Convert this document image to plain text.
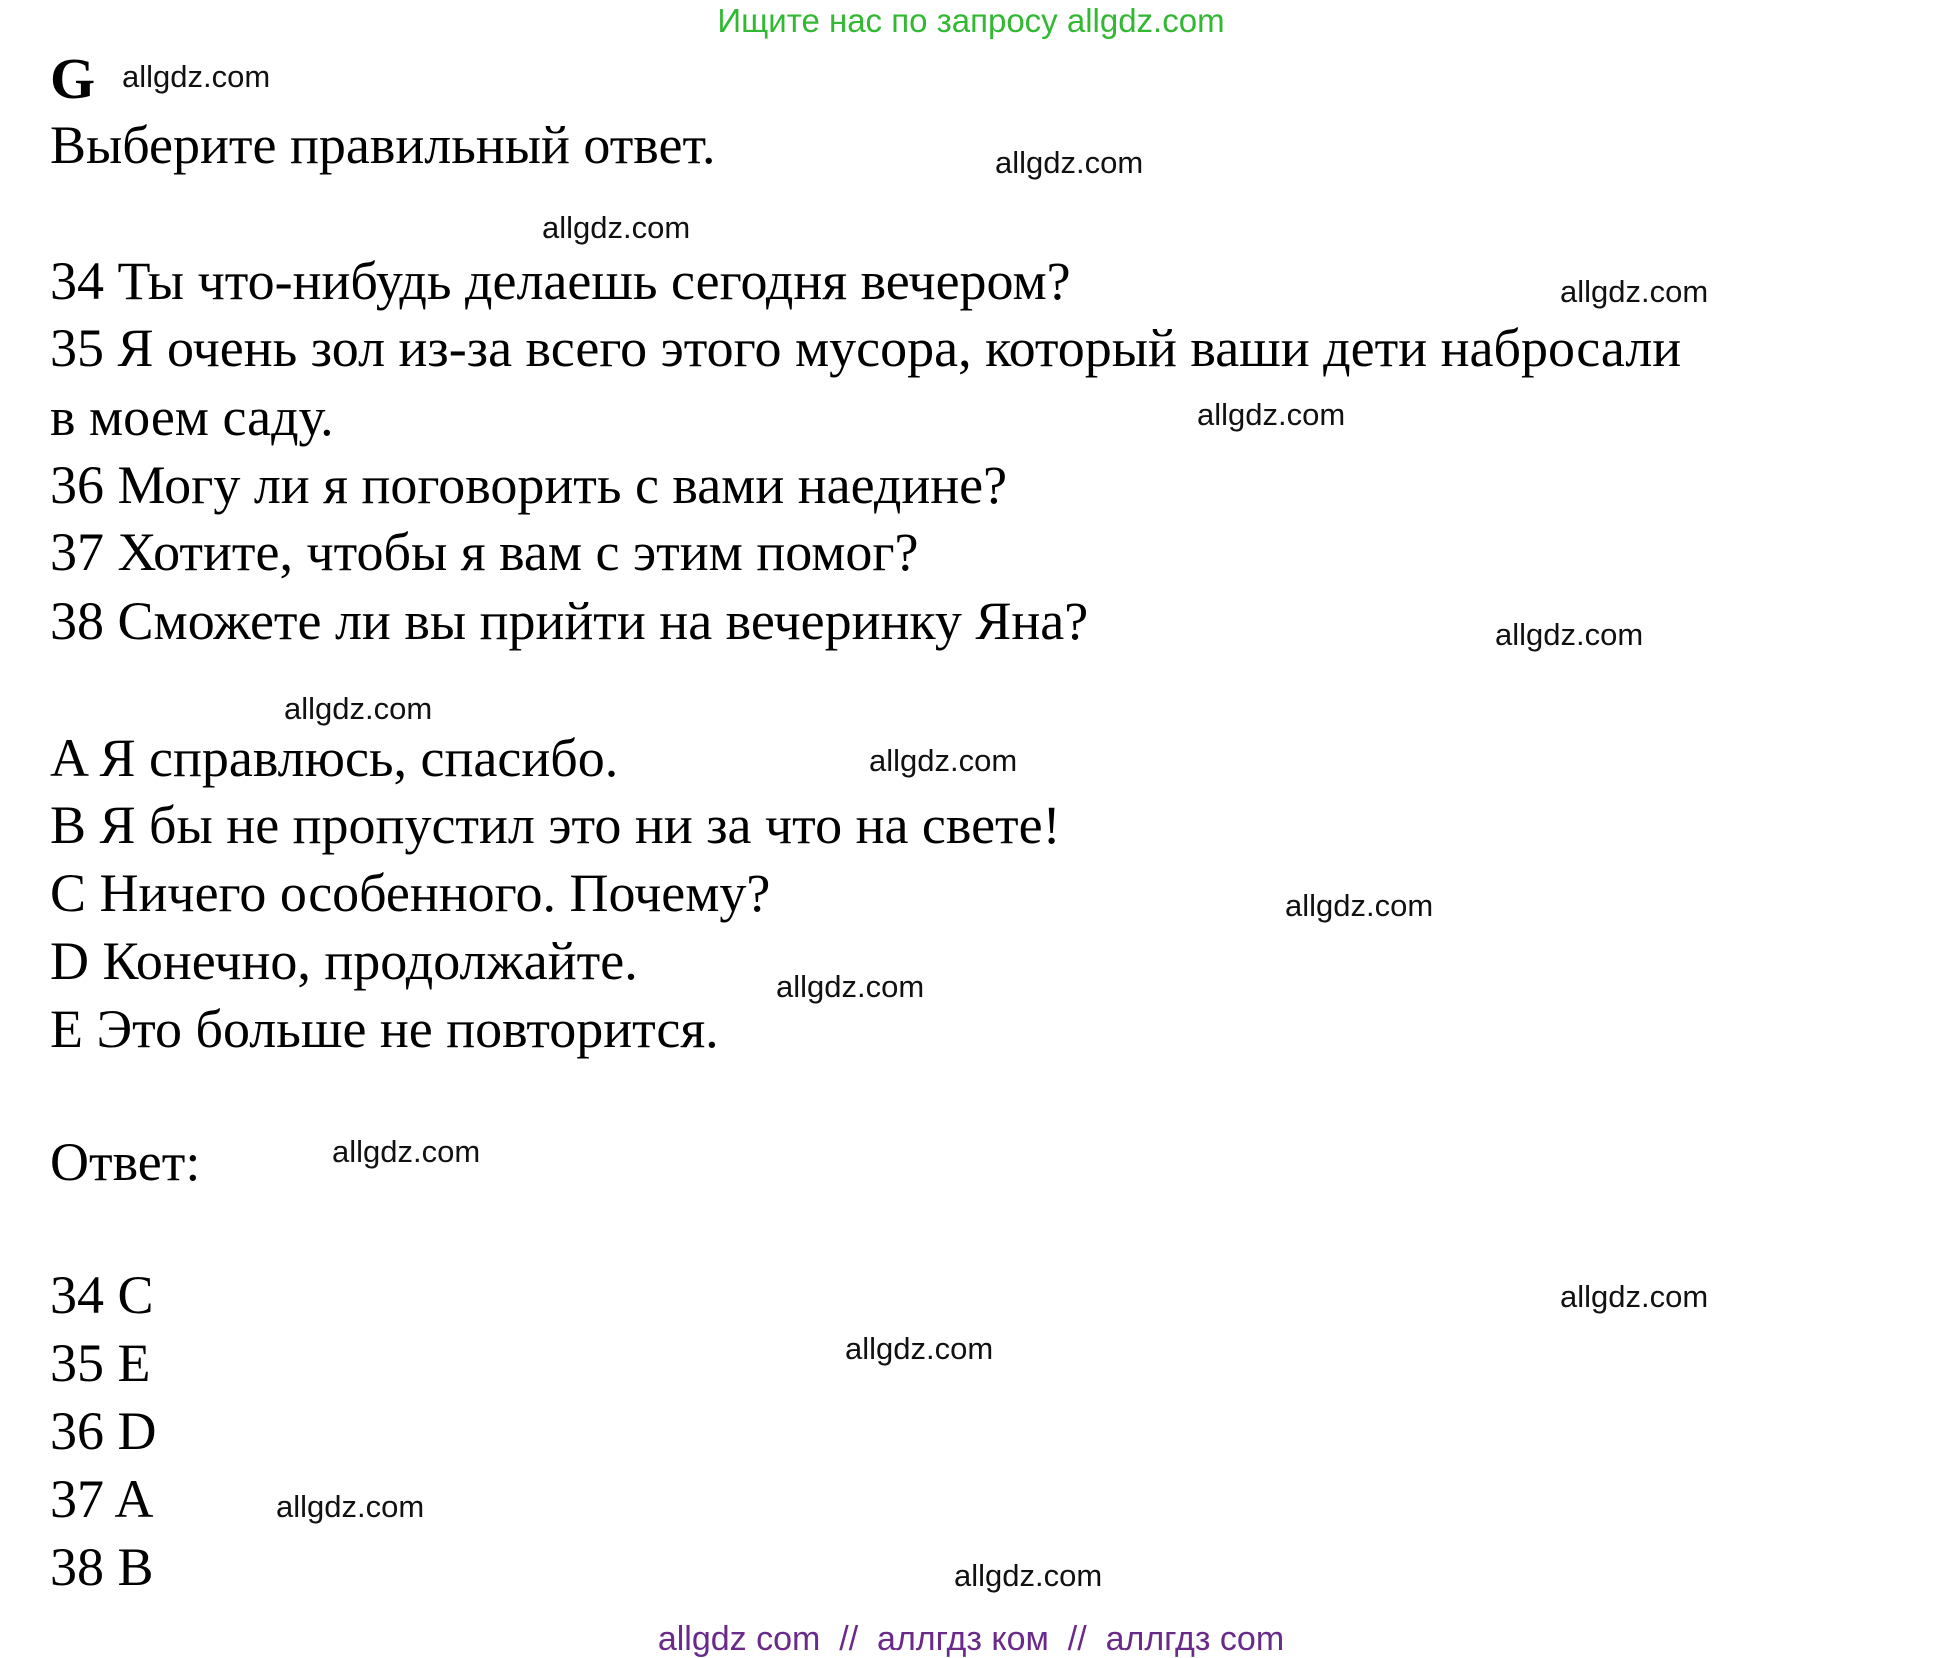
Ищите нас по запросу allgdz.com
G allgdz.com
Выберите правильный ответ.	allgdz.com
allgdz.com
34 Ты что-нибудь делаешь сегодня вечером?	allgdz.com
35 Я очень зол из-за всего этого мусора, который ваши дети набросали
в моем саду.	allgdz.com
36 Могу ли я поговорить с вами наедине?
37 Хотите, чтобы я вам с этим помог?
38 Сможете ли вы прийти на вечеринку Яна?	allgdz.com
allgdz.com
A Я справлюсь, спасибо.	allgdz.com
B Я бы не пропустил это ни за что на свете!
C Ничего особенного. Почему?	allgdz.com
D Конечно, продолжайте.	allgdz.com
E Это больше не повторится.
Ответ:	allgdz.com
34 C	allgdz.com
35 E	allgdz.com
36 D
37 A	allgdz.com
38 B	allgdz.com
allgdz com  //  аллгдз ком  //  аллгдз com
